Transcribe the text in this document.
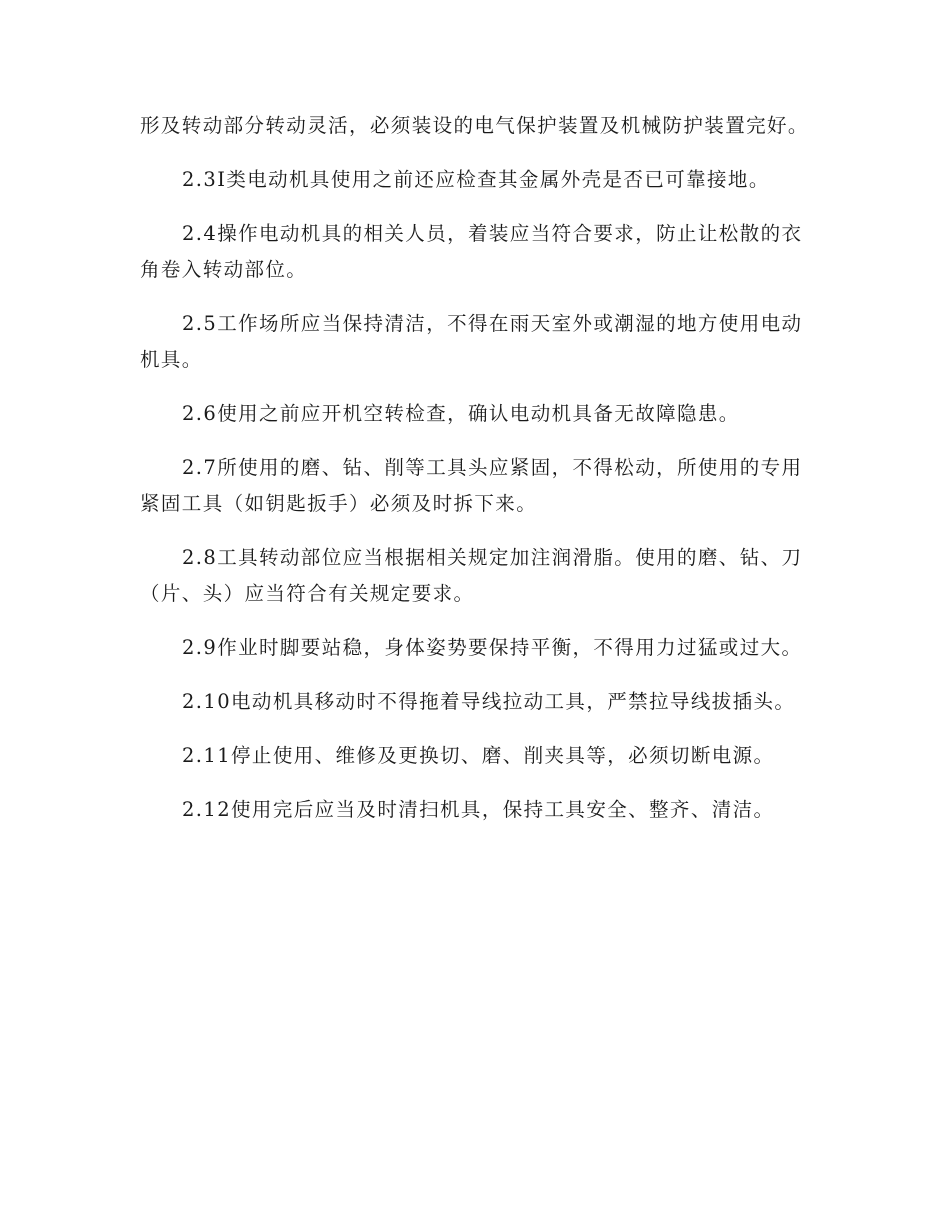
形及转动部分转动灵活，必须装设的电气保护装置及机械防护装置完好。

2.3Ⅰ类电动机具使用之前还应检查其金属外壳是否已可靠接地。

2.4操作电动机具的相关人员，着装应当符合要求，防止让松散的衣角卷入转动部位。

2.5工作场所应当保持清洁，不得在雨天室外或潮湿的地方使用电动机具。

2.6使用之前应开机空转检查，确认电动机具备无故障隐患。

2.7所使用的磨、钻、削等工具头应紧固，不得松动，所使用的专用紧固工具（如钥匙扳手）必须及时拆下来。

2.8工具转动部位应当根据相关规定加注润滑脂。使用的磨、钻、刀（片、头）应当符合有关规定要求。

2.9作业时脚要站稳，身体姿势要保持平衡，不得用力过猛或过大。

2.10电动机具移动时不得拖着导线拉动工具，严禁拉导线拔插头。

2.11停止使用、维修及更换切、磨、削夹具等，必须切断电源。

2.12使用完后应当及时清扫机具，保持工具安全、整齐、清洁。
